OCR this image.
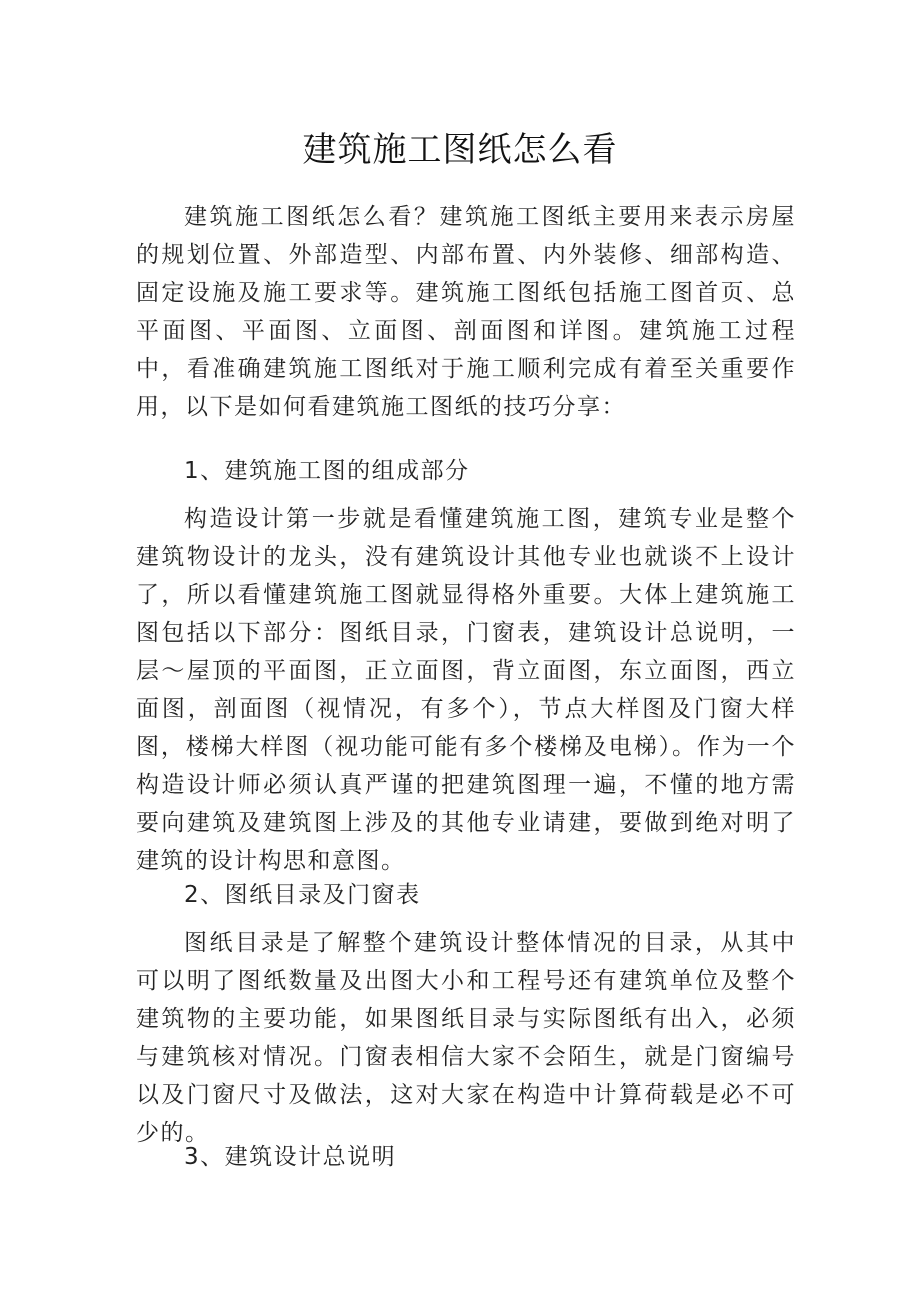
建筑施工图纸怎么看

建筑施工图纸怎么看？建筑施工图纸主要用来表示房屋的规划位置、外部造型、内部布置、内外装修、细部构造、固定设施及施工要求等。建筑施工图纸包括施工图首页、总平面图、平面图、立面图、剖面图和详图。建筑施工过程中，看准确建筑施工图纸对于施工顺利完成有着至关重要作用，以下是如何看建筑施工图纸的技巧分享：

1、建筑施工图的组成部分

构造设计第一步就是看懂建筑施工图，建筑专业是整个建筑物设计的龙头，没有建筑设计其他专业也就谈不上设计了，所以看懂建筑施工图就显得格外重要。大体上建筑施工图包括以下部分：图纸目录，门窗表，建筑设计总说明，一层～屋顶的平面图，正立面图，背立面图，东立面图，西立面图，剖面图（视情况，有多个），节点大样图及门窗大样图，楼梯大样图（视功能可能有多个楼梯及电梯）。作为一个构造设计师必须认真严谨的把建筑图理一遍，不懂的地方需要向建筑及建筑图上涉及的其他专业请建，要做到绝对明了建筑的设计构思和意图。

2、图纸目录及门窗表

图纸目录是了解整个建筑设计整体情况的目录，从其中可以明了图纸数量及出图大小和工程号还有建筑单位及整个建筑物的主要功能，如果图纸目录与实际图纸有出入，必须与建筑核对情况。门窗表相信大家不会陌生，就是门窗编号以及门窗尺寸及做法，这对大家在构造中计算荷载是必不可少的。

3、建筑设计总说明
